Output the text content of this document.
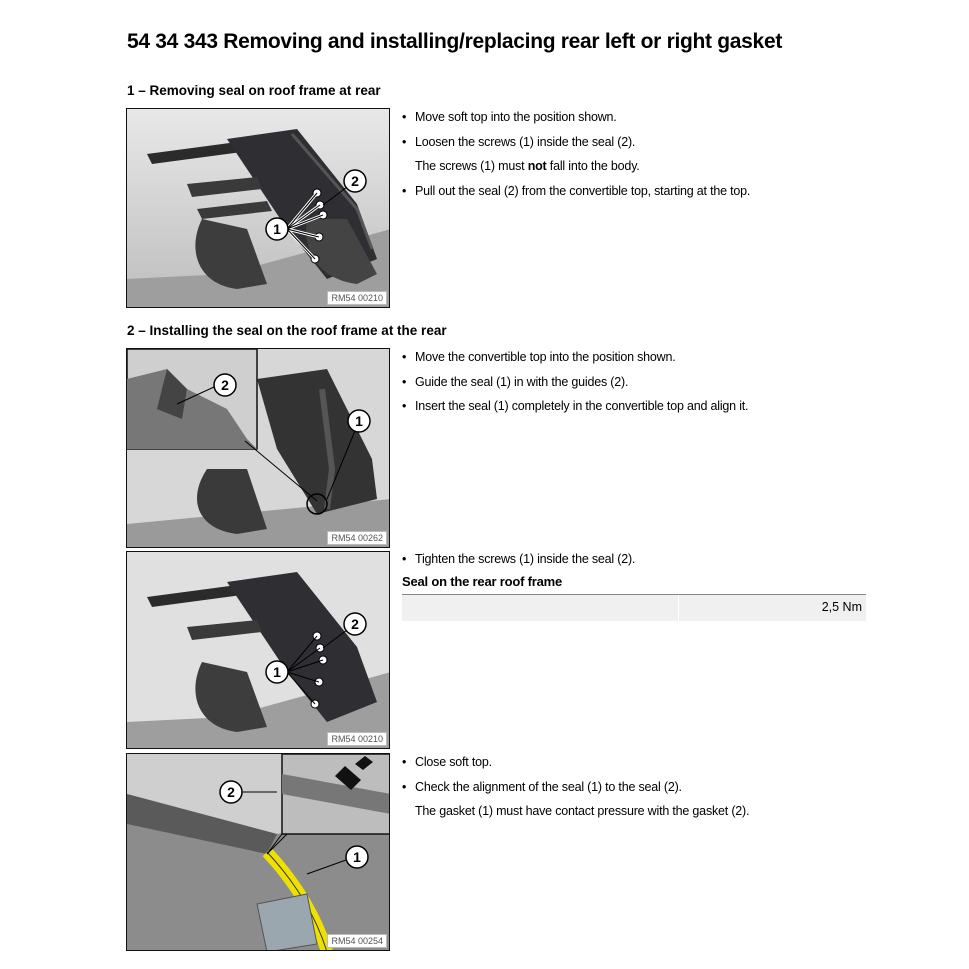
54 34 343 Removing and installing/replacing rear left or right gasket
1 – Removing seal on roof frame at rear
1
2
RM54 00210
• Move soft top into the position shown.
• Loosen the screws (1) inside the seal (2).
The screws (1) must not fall into the body.
• Pull out the seal (2) from the convertible top, starting at the top.
2 – Installing the seal on the roof frame at the rear
1
2
RM54 00262
• Move the convertible top into the position shown.
• Guide the seal (1) in with the guides (2).
• Insert the seal (1) completely in the convertible top and align it.
1
2
RM54 00210
• Tighten the screws (1) inside the seal (2).
Seal on the rear roof frame
2,5 Nm
2
1
RM54 00254
• Close soft top.
• Check the alignment of the seal (1) to the seal (2).
The gasket (1) must have contact pressure with the gasket (2).
